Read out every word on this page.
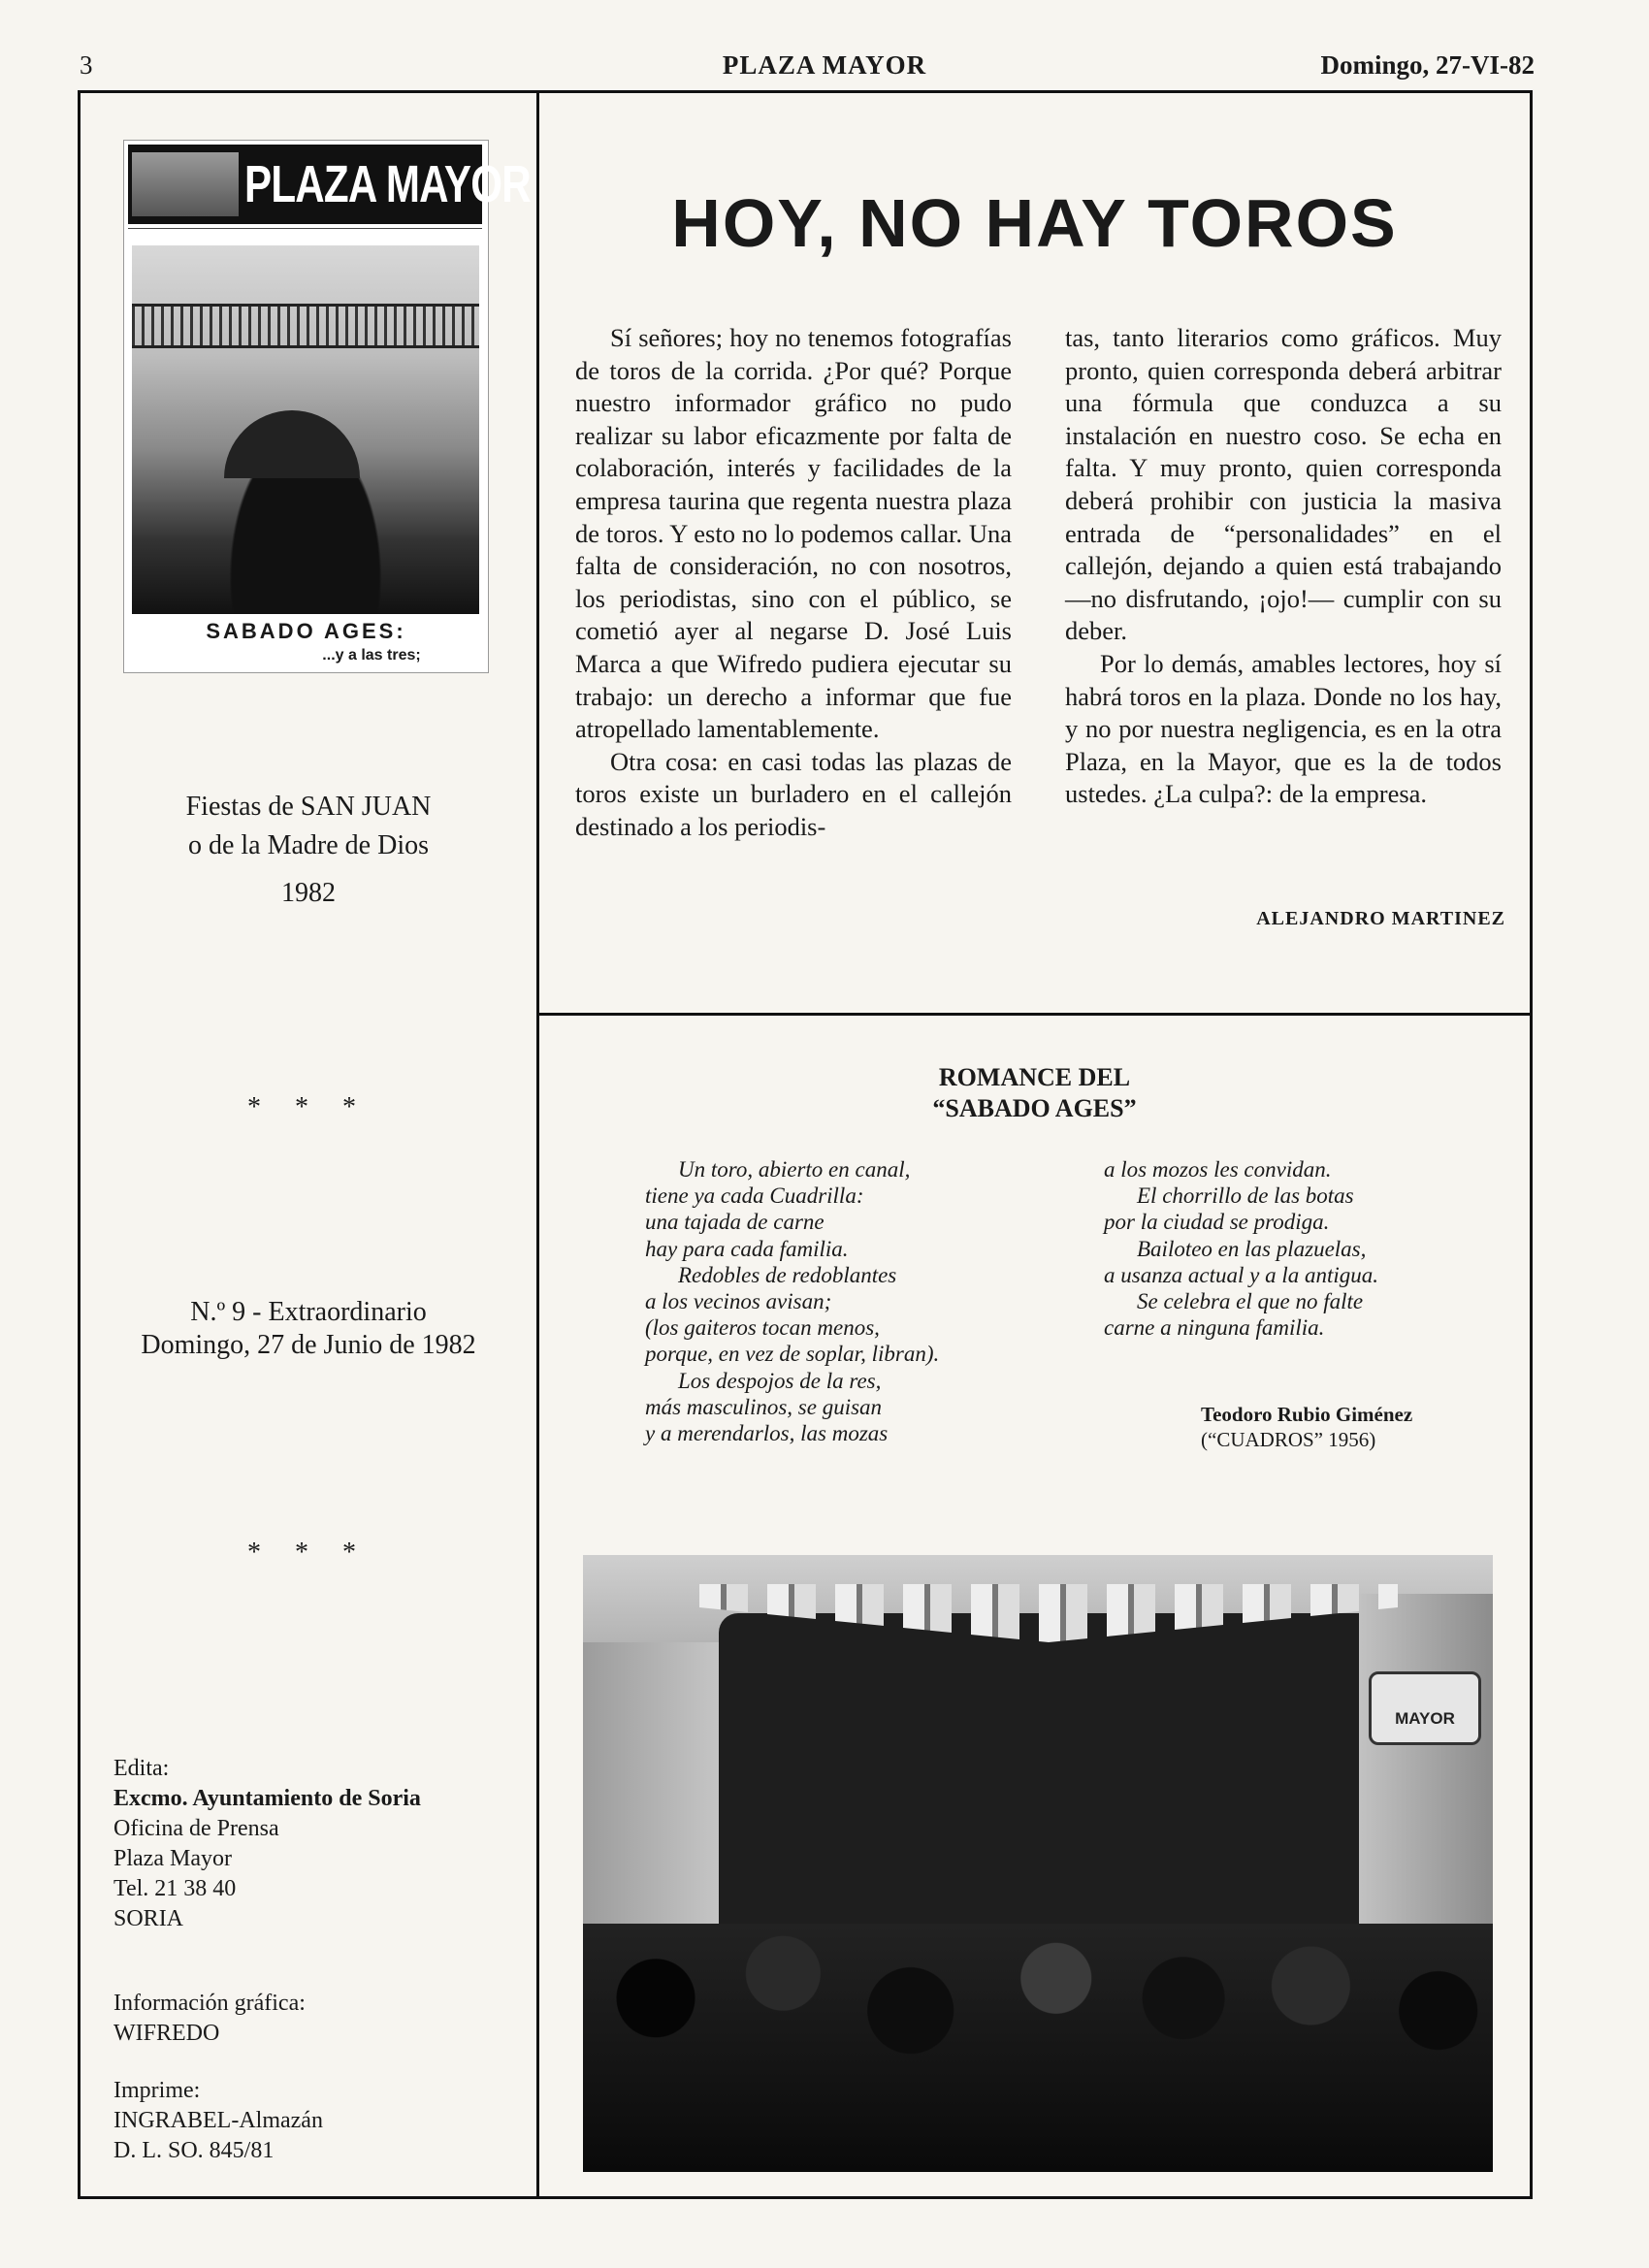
3	PLAZA MAYOR	Domingo, 27-VI-82
PLAZA MAYOR
SABADO AGES:
...y a las tres;
Fiestas de SAN JUAN
o de la Madre de Dios
1982
* * *
N.º 9 - Extraordinario
Domingo, 27 de Junio de 1982
* * *
Edita:
Excmo. Ayuntamiento de Soria
Oficina de Prensa
Plaza Mayor
Tel. 21 38 40
SORIA
Información gráfica:
WIFREDO
Imprime:
INGRABEL-Almazán
D. L. SO. 845/81
HOY, NO HAY TOROS

Sí señores; hoy no tenemos fotografías de toros de la corrida. ¿Por qué? Porque nuestro informador gráfico no pudo realizar su labor eficazmente por falta de colaboración, interés y facilidades de la empresa taurina que regenta nuestra plaza de toros. Y esto no lo podemos callar. Una falta de consideración, no con nosotros, los periodistas, sino con el público, se cometió ayer al negarse D. José Luis Marca a que Wifredo pudiera ejecutar su trabajo: un derecho a informar que fue atropellado lamentablemente.

Otra cosa: en casi todas las plazas de toros existe un burladero en el callejón destinado a los periodis-

tas, tanto literarios como gráficos. Muy pronto, quien corresponda deberá arbitrar una fórmula que conduzca a su instalación en nuestro coso. Se echa en falta. Y muy pronto, quien corresponda deberá prohibir con justicia la masiva entrada de “personalidades” en el callejón, dejando a quien está trabajando —no disfrutando, ¡ojo!— cumplir con su deber.

Por lo demás, amables lectores, hoy sí habrá toros en la plaza. Donde no los hay, y no por nuestra negligencia, es en la otra Plaza, en la Mayor, que es la de todos ustedes. ¿La culpa?: de la empresa.

ALEJANDRO MARTINEZ
ROMANCE DEL
“SABADO AGES”
Un toro, abierto en canal,
tiene ya cada Cuadrilla:
una tajada de carne
hay para cada familia.
Redobles de redoblantes
a los vecinos avisan;
(los gaiteros tocan menos,
porque, en vez de soplar, libran).
Los despojos de la res,
más masculinos, se guisan
y a merendarlos, las mozas
a los mozos les convidan.
El chorrillo de las botas
por la ciudad se prodiga.
Bailoteo en las plazuelas,
a usanza actual y a la antigua.
Se celebra el que no falte
carne a ninguna familia.
Teodoro Rubio Giménez
(“CUADROS” 1956)
MAYOR
